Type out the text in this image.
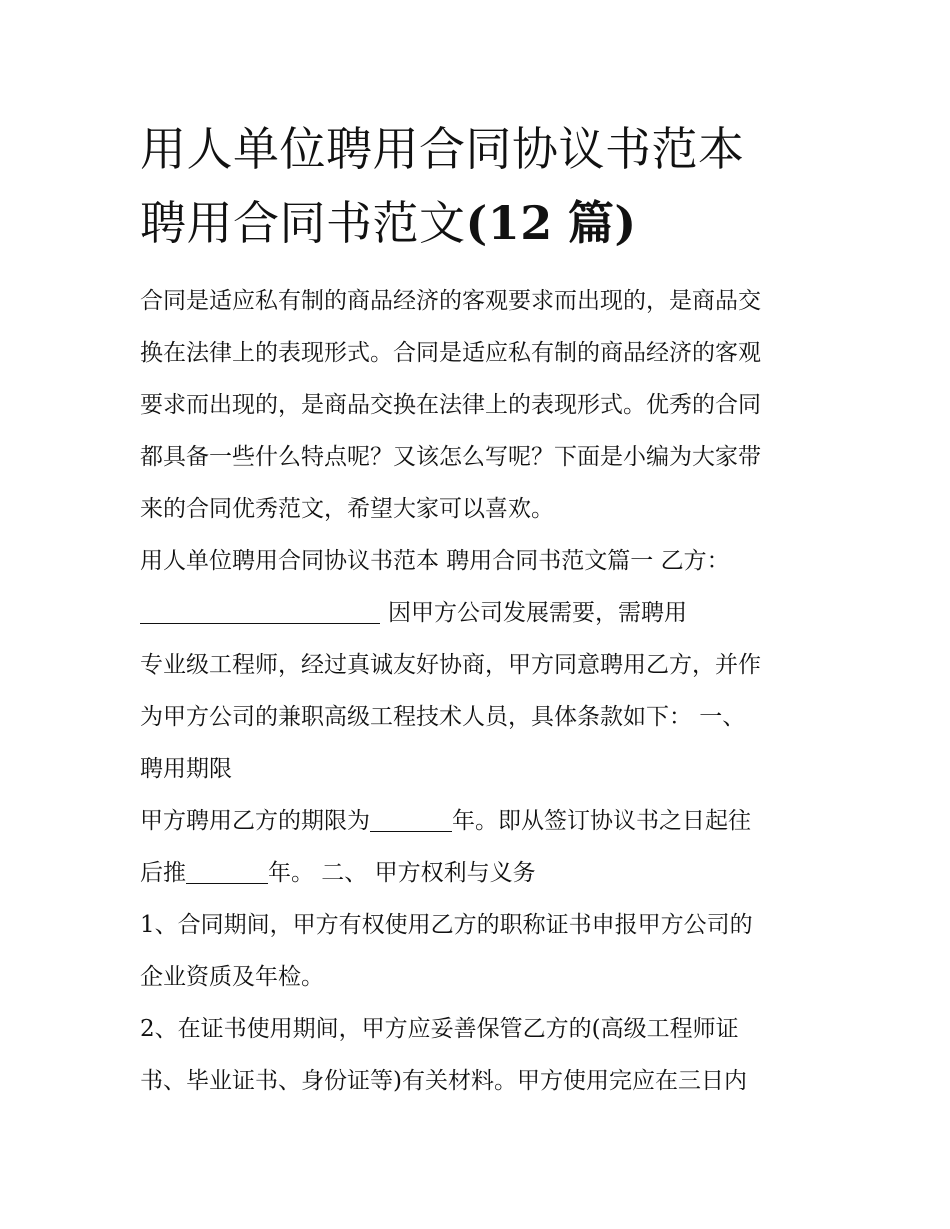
用人单位聘用合同协议书范本
聘用合同书范文(12 篇)
合同是适应私有制的商品经济的客观要求而出现的，是商品交
换在法律上的表现形式。合同是适应私有制的商品经济的客观
要求而出现的，是商品交换在法律上的表现形式。优秀的合同
都具备一些什么特点呢？又该怎么写呢？下面是小编为大家带
来的合同优秀范文，希望大家可以喜欢。
用人单位聘用合同协议书范本 聘用合同书范文篇一 乙方：
因甲方公司发展需要，需聘用
专业级工程师，经过真诚友好协商，甲方同意聘用乙方，并作
为甲方公司的兼职高级工程技术人员，具体条款如下： 一、
聘用期限
甲方聘用乙方的期限为	年。即从签订协议书之日起往
后推	年。 二、 甲方权利与义务
1、合同期间，甲方有权使用乙方的职称证书申报甲方公司的
企业资质及年检。
2、在证书使用期间，甲方应妥善保管乙方的(高级工程师证
书、毕业证书、身份证等)有关材料。甲方使用完应在三日内
